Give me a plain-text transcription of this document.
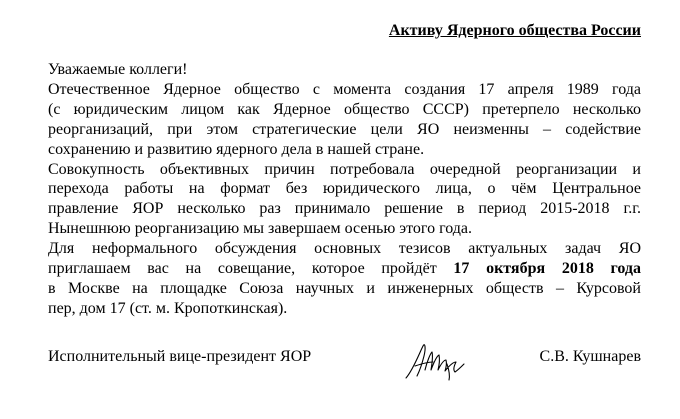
Активу Ядерного общества России
Уважаемые коллеги!
Отечественное Ядерное общество с момента создания 17 апреля 1989 года
(с юридическим лицом как Ядерное общество СССР) претерпело несколько
реорганизаций, при этом стратегические цели ЯО неизменны – содействие
сохранению и развитию ядерного дела в нашей стране.
Совокупность объективных причин потребовала очередной реорганизации и
перехода работы на формат без юридического лица, о чём Центральное
правление ЯОР несколько раз принимало решение в период 2015-2018 г.г.
Нынешнюю реорганизацию мы завершаем осенью этого года.
Для неформального обсуждения основных тезисов актуальных задач ЯО
приглашаем вас на совещание, которое пройдёт 17 октября 2018 года
в Москве на площадке Союза научных и инженерных обществ – Курсовой
пер, дом 17 (ст. м. Кропоткинская).
Исполнительный вице-президент ЯОР	С.В. Кушнарев
